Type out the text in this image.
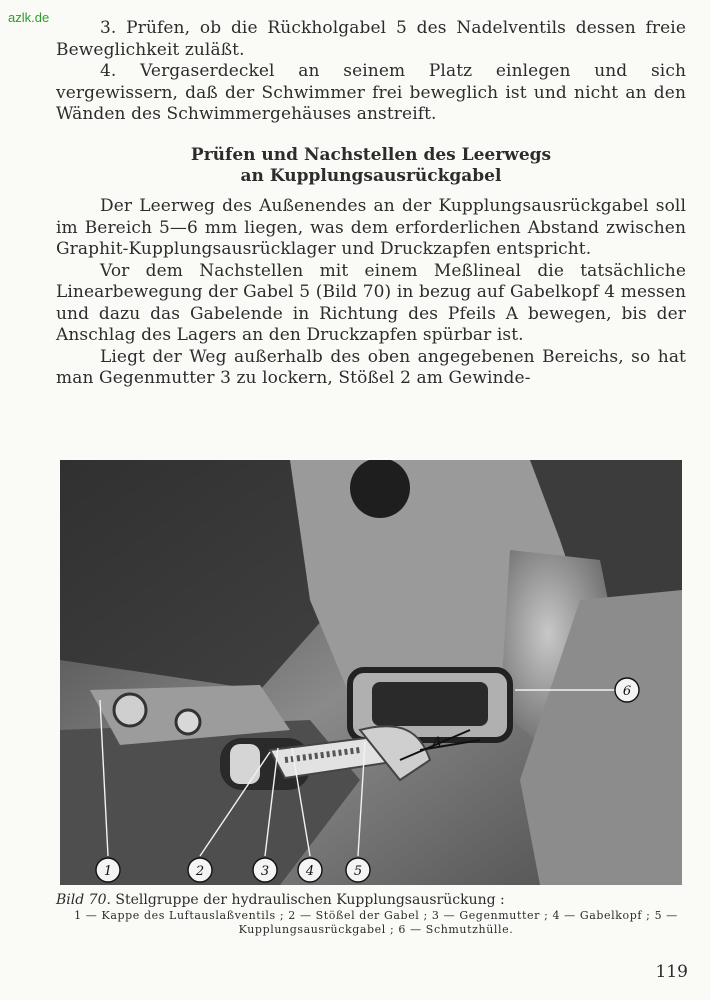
azlk.de

3. Prüfen, ob die Rückholgabel 5 des Nadelventils dessen freie Beweglichkeit zuläßt.

4. Vergaserdeckel an seinem Platz einlegen und sich vergewissern, daß der Schwimmer frei beweglich ist und nicht an den Wänden des Schwimmergehäuses anstreift.

Prüfen und Nachstellen des Leerwegs
an Kupplungsausrückgabel

Der Leerweg des Außenendes an der Kupplungsausrückgabel soll im Bereich 5—6 mm liegen, was dem erforderlichen Abstand zwischen Graphit-Kupplungsausrücklager und Druckzapfen entspricht.

Vor dem Nachstellen mit einem Meßlineal die tatsächliche Linearbewegung der Gabel 5 (Bild 70) in bezug auf Gabelkopf 4 messen und dazu das Gabelende in Richtung des Pfeils A bewegen, bis der Anschlag des Lagers an den Druckzapfen spürbar ist.

Liegt der Weg außerhalb des oben angegebenen Bereichs, so hat man Gegenmutter 3 zu lockern, Stößel 2 am Gewinde-

A
1	2	3	4	5
6
Bild 70. Stellgruppe der hydraulischen Kupplungsausrückung :
1 — Kappe des Luftauslaßventils ; 2 — Stößel der Gabel ; 3 — Gegenmutter ; 4 — Gabelkopf ; 5 — Kupplungsausrückgabel ; 6 — Schmutzhülle.
119
